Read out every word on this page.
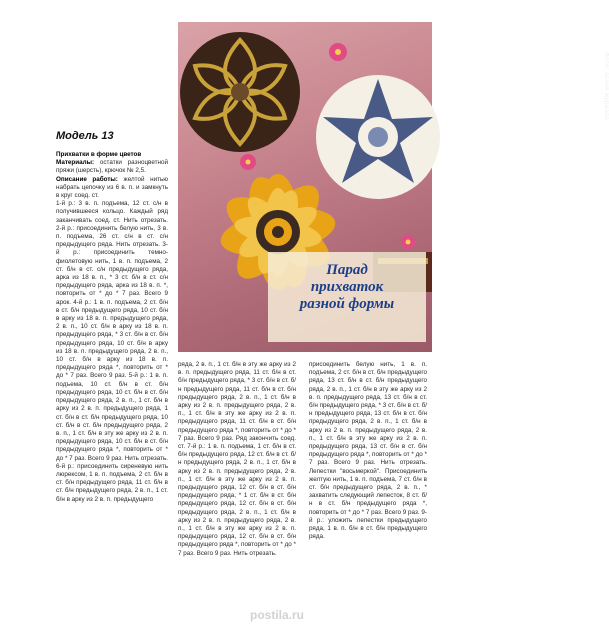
Фото: архив журнала
Парад
прихваток
разной формы
Модель 13

Прихватки в форме цветов

Материалы: остатки разноцветной пряжи (шерсть), крючок № 2,5.

Описание работы: желтой нитью набрать цепочку из 6 в. п. и замкнуть в круг соед. ст.

1-й р.: 3 в. п. подъема, 12 ст. с/н в получившееся кольцо. Каждый ряд заканчивать соед. ст. Нить отрезать. 2-й р.: присоединить белую нить, 3 в. п. подъема, 26 ст. с/н в ст. с/н предыдущего ряда. Нить отрезать. 3-й р.: присоединить темно-фиолетовую нить, 1 в. п. подъема, 2 ст. б/н в ст. с/н предыдущего ряда, арка из 18 в. п., * 3 ст. б/н в ст. с/н предыдущего ряда, арка из 18 в. п. *, повторить от * до * 7 раз. Всего 9 арок. 4-й р.: 1 в. п. подъема, 2 ст. б/н в ст. б/н предыдущего ряда, 10 ст. б/н в арку из 18 в. п. предыдущего ряда, 2 в. п., 10 ст. б/н в арку из 18 в. п. предыдущего ряда, * 3 ст. б/н в ст. б/н предыдущего ряда, 10 ст. б/н в арку из 18 в. п. предыдущего ряда, 2 в. п., 10 ст. б/н в арку из 18 в. п. предыдущего ряда *, повторить от * до * 7 раз. Всего 9 раз. 5-й р.: 1 в. п. подъема, 10 ст. б/н в ст. б/н предыдущего ряда, 10 ст. б/н в ст. б/н предыдущего ряда, 2 в. п., 1 ст. б/н в арку из 2 в. п. предыдущего ряда, 1 ст. б/н в ст. б/н предыдущего ряда, 10 ст. б/н в ст. б/н предыдущего ряда, 2 в. п., 1 ст. б/н в эту же арку из 2 в. п. предыдущего ряда, 10 ст. б/н в ст. б/н предыдущего ряда *, повторить от * до * 7 раз. Всего 9 раз. Нить отрезать. 6-й р.: присоединить сиреневую нить люрексом, 1 в. п. подъема, 2 ст. б/н в ст. б/н предыдущего ряда, 11 ст. б/н в ст. б/н предыдущего ряда, 2 в. п., 1 ст. б/н в арку из 2 в. п. предыдущего

ряда, 2 в. п., 1 ст. б/н в эту же арку из 2 в. п. предыдущего ряда, 11 ст. б/н в ст. б/н предыдущего ряда, * 3 ст. б/н в ст. б/н предыдущего ряда, 11 ст. б/н в ст. б/н предыдущего ряда, 2 в. п., 1 ст. б/н в арку из 2 в. п. предыдущего ряда, 2 в. п., 1 ст. б/н в эту же арку из 2 в. п. предыдущего ряда, 11 ст. б/н в ст. б/н предыдущего ряда *, повторить от * до * 7 раз. Всего 9 раз. Ряд закончить соед. ст. 7-й р.: 1 в. п. подъема, 1 ст. б/н в ст. б/н предыдущего ряда, 12 ст. б/н в ст. б/н предыдущего ряда, 2 в. п., 1 ст. б/н в арку из 2 в. п. предыдущего ряда, 2 в. п., 1 ст. б/н в эту же арку из 2 в. п. предыдущего ряда, 12 ст. б/н в ст. б/н предыдущего ряда, * 1 ст. б/н в ст. б/н предыдущего ряда, 12 ст. б/н в ст. б/н предыдущего ряда, 2 в. п., 1 ст. б/н в арку из 2 в. п. предыдущего ряда, 2 в. п., 1 ст. б/н в эту же арку из 2 в. п. предыдущего ряда, 12 ст. б/н в ст. б/н предыдущего ряда *, повторить от * до * 7 раз. Всего 9 раз. Нить отрезать.

присоединить белую нить, 1 в. п. подъема, 2 ст. б/н в ст. б/н предыдущего ряда, 13 ст. б/н в ст. б/н предыдущего ряда, 2 в. п., 1 ст. б/н в эту же арку из 2 в. п. предыдущего ряда, 13 ст. б/н в ст. б/н предыдущего ряда, * 3 ст. б/н в ст. б/н предыдущего ряда, 13 ст. б/н в ст. б/н предыдущего ряда, 2 в. п., 1 ст. б/н в арку из 2 в. п. предыдущего ряда, 2 в. п., 1 ст. б/н в эту же арку из 2 в. п. предыдущего ряда, 13 ст. б/н в ст. б/н предыдущего ряда *, повторить от * до * 7 раз. Всего 9 раз. Нить отрезать. Лепестки "восьмеркой". Присоединить желтую нить, 1 в. п. подъема, 7 ст. б/н в ст. б/н предыдущего ряда, 2 в. п., * захватить следующий лепесток, 8 ст. б/н в ст. б/н предыдущего ряда *, повторить от * до * 7 раз. Всего 9 раз. 9-й р.: уложить лепестки предыдущего ряда, 1 в. п. б/н в ст. б/н предыдущего ряда.

postila.ru
